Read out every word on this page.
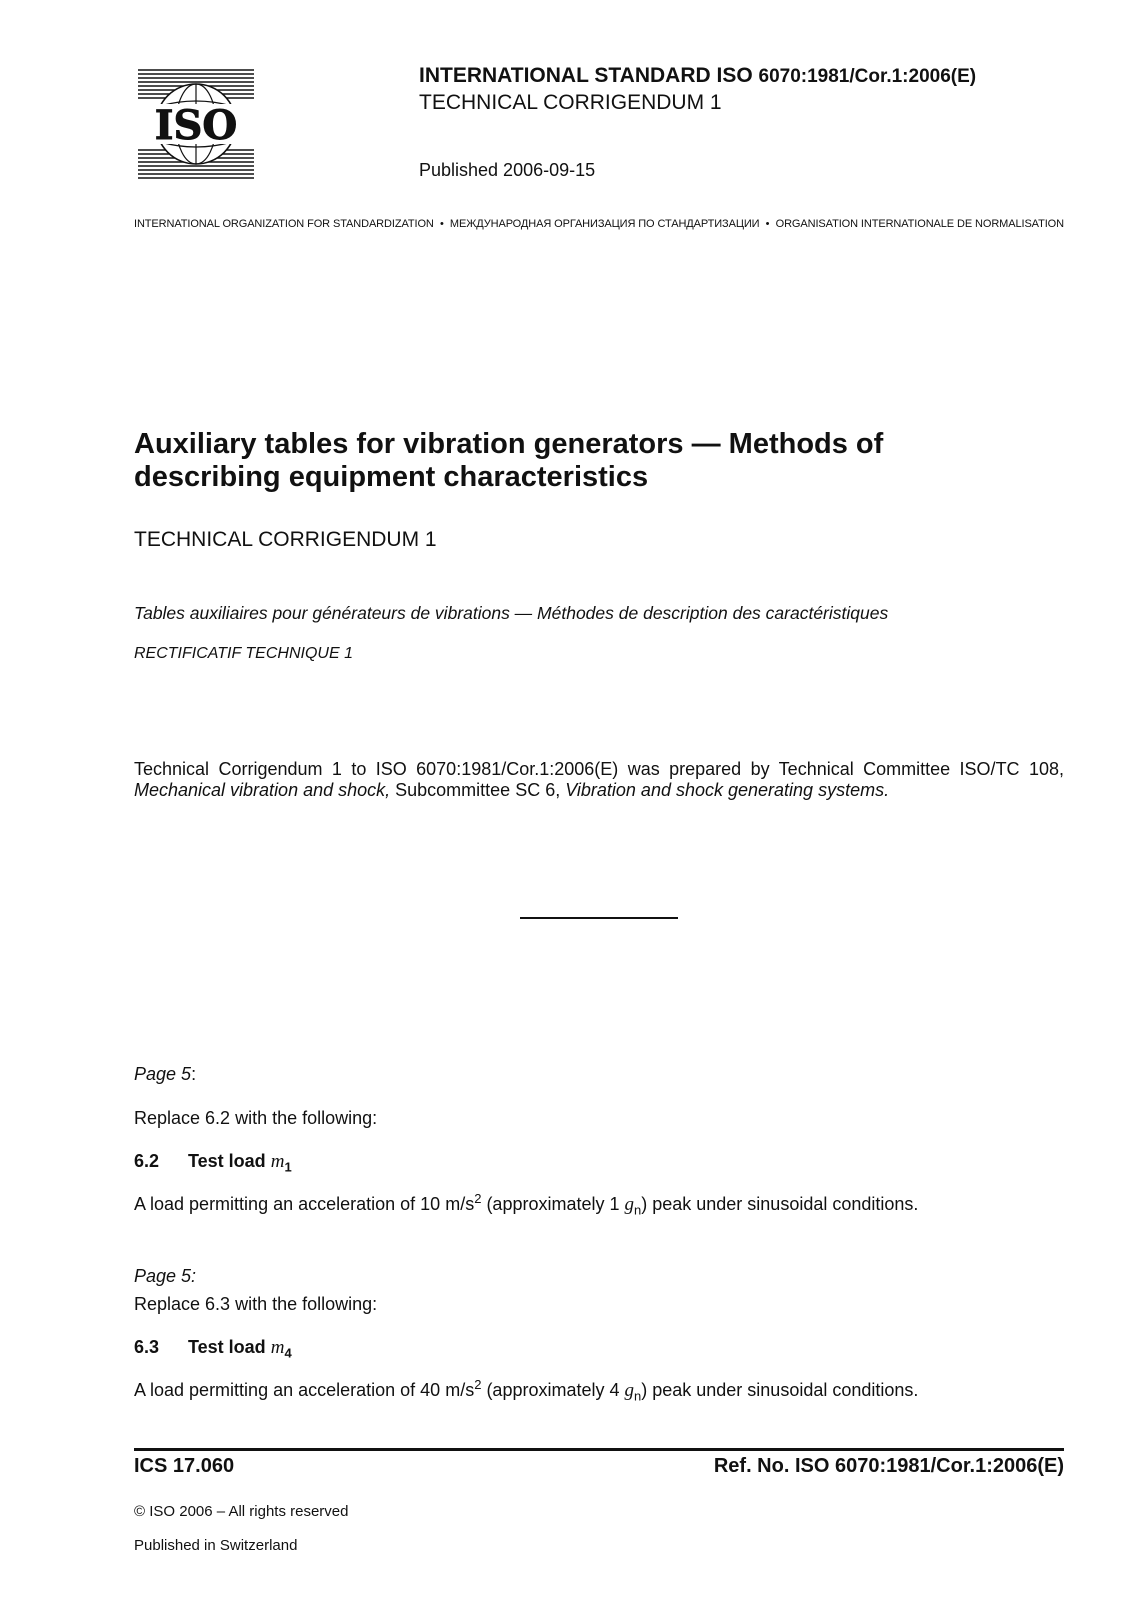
ISO
INTERNATIONAL STANDARD ISO 6070:1981/Cor.1:2006(E)
TECHNICAL CORRIGENDUM 1
Published 2006-09-15
INTERNATIONAL ORGANIZATION FOR STANDARDIZATION • МЕЖДУНАРОДНАЯ ОРГАНИЗАЦИЯ ПО СТАНДАРТИЗАЦИИ • ORGANISATION INTERNATIONALE DE NORMALISATION
Auxiliary tables for vibration generators — Methods of describing equipment characteristics
TECHNICAL CORRIGENDUM 1
Tables auxiliaires pour générateurs de vibrations — Méthodes de description des caractéristiques
RECTIFICATIF TECHNIQUE 1
Technical Corrigendum 1 to ISO 6070:1981/Cor.1:2006(E) was prepared by Technical Committee ISO/TC 108, Mechanical vibration and shock, Subcommittee SC 6, Vibration and shock generating systems.
Page 5:
Replace 6.2 with the following:
6.2 Test load $m_1$
A load permitting an acceleration of 10 $m/s^2$ (approximately 1 $g_n$) peak under sinusoidal conditions.
Page 5:
Replace 6.3 with the following:
6.3 Test load $m_4$
A load permitting an acceleration of 40 $m/s^2$ (approximately 4 $g_n$) peak under sinusoidal conditions.
ICS 17.060	Ref. No. ISO 6070:1981/Cor.1:2006(E)
© ISO 2006 – All rights reserved
Published in Switzerland
